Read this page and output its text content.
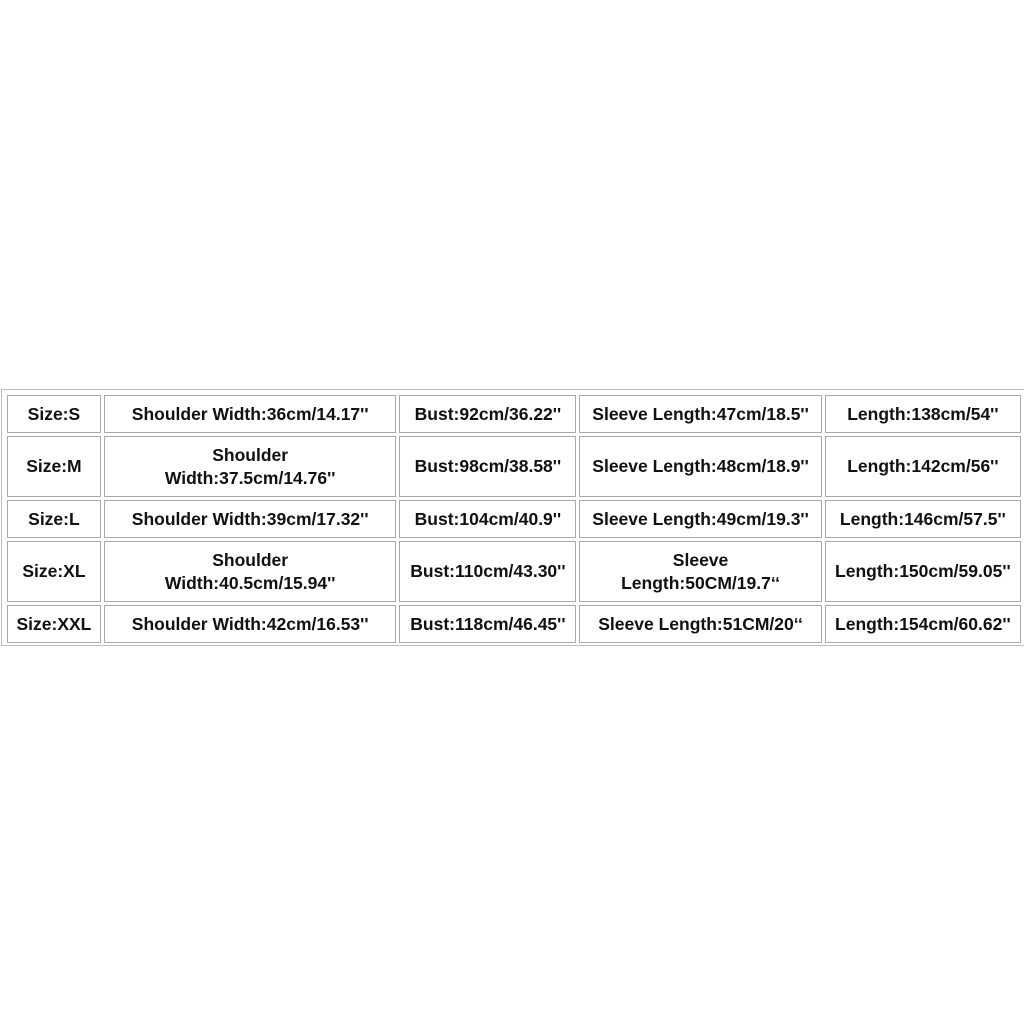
Size:S	Shoulder Width:36cm/14.17''	Bust:92cm/36.22''	Sleeve Length:47cm/18.5''	Length:138cm/54''
Size:M	Shoulder Width:37.5cm/14.76''	Bust:98cm/38.58''	Sleeve Length:48cm/18.9''	Length:142cm/56''
Size:L	Shoulder Width:39cm/17.32''	Bust:104cm/40.9''	Sleeve Length:49cm/19.3''	Length:146cm/57.5''
Size:XL	Shoulder Width:40.5cm/15.94''	Bust:110cm/43.30''	Sleeve Length:50CM/19.7‘‘	Length:150cm/59.05''
Size:XXL	Shoulder Width:42cm/16.53''	Bust:118cm/46.45''	Sleeve Length:51CM/20‘‘	Length:154cm/60.62''
